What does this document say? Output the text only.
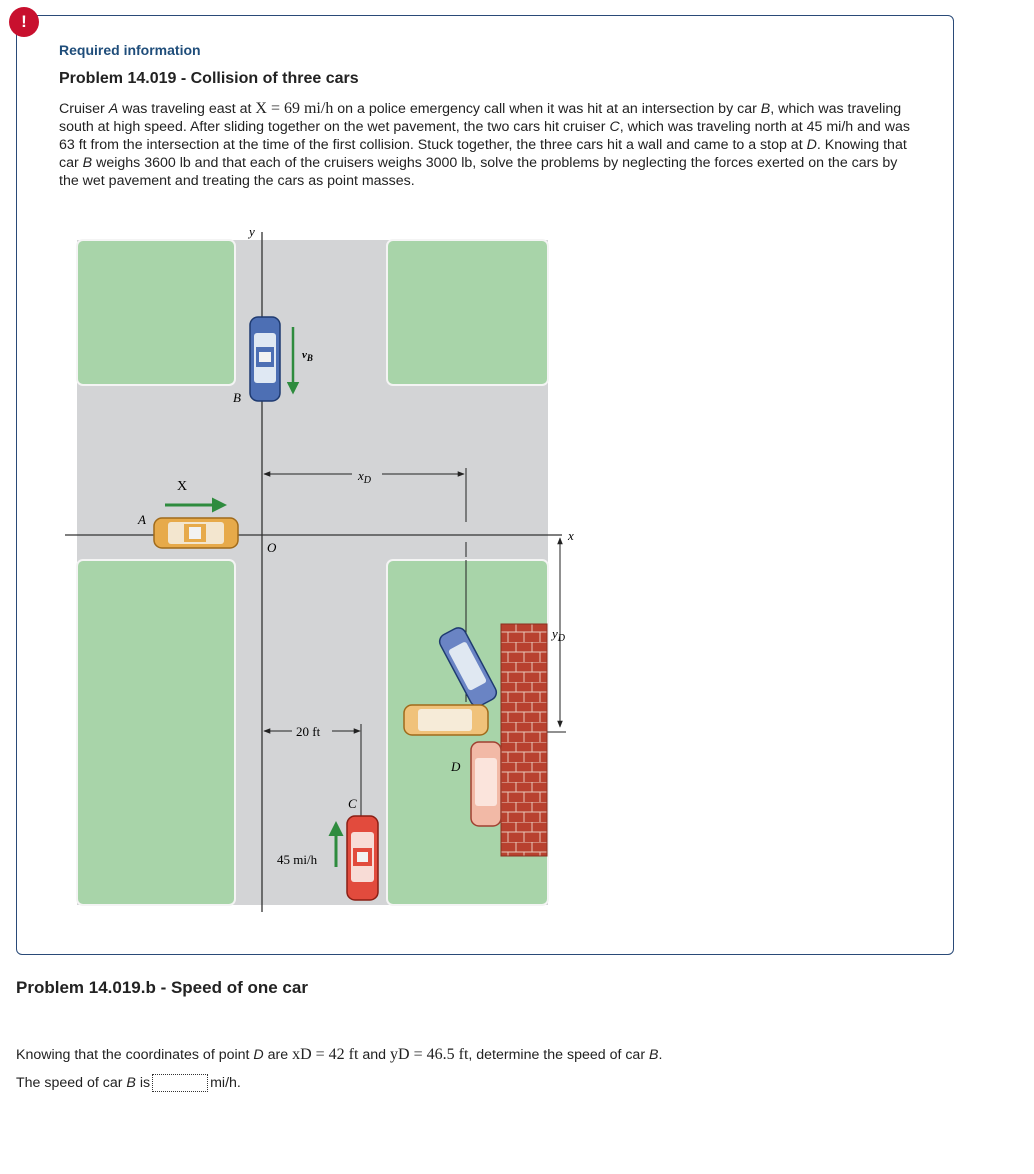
!
Required information
Problem 14.019 - Collision of three cars
Cruiser A was traveling east at X = 69 mi/h on a police emergency call when it was hit at an intersection by car B, which was traveling south at high speed. After sliding together on the wet pavement, the two cars hit cruiser C, which was traveling north at 45 mi/h and was 63 ft from the intersection at the time of the first collision. Stuck together, the three cars hit a wall and came to a stop at D. Knowing that car B weighs 3600 lb and that each of the cruisers weighs 3000 lb, solve the problems by neglecting the forces exerted on the cars by the wet pavement and treating the cars as point masses.
y
x
O
$v_B$
B
X
A
$x_D$
$y_D$
D
20 ft
C
45 mi/h
Problem 14.019.b - Speed of one car
Knowing that the coordinates of point D are xD = 42 ft and yD = 46.5 ft, determine the speed of car B.
The speed of car
B
is	mi/h.
